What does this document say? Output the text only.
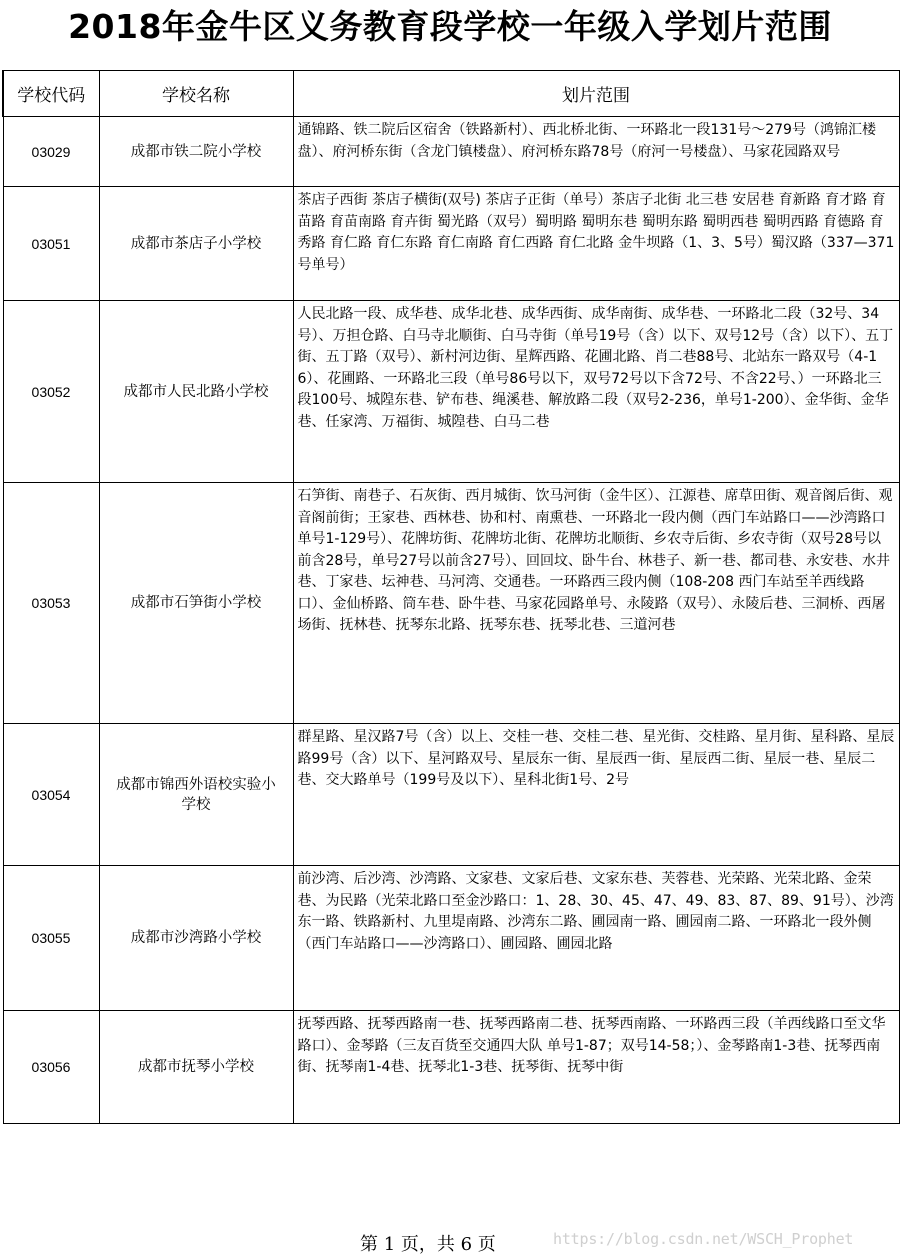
2018年金牛区义务教育段学校一年级入学划片范围
学校代码	学校名称	划片范围
03029	成都市铁二院小学校	通锦路、铁二院后区宿舍（铁路新村）、西北桥北街、一环路北一段131号～279号（鸿锦汇楼盘）、府河桥东街（含龙门镇楼盘）、府河桥东路78号（府河一号楼盘）、马家花园路双号
03051	成都市茶店子小学校	茶店子西街 茶店子横街(双号) 茶店子正街（单号）茶店子北街 北三巷 安居巷 育新路 育才路 育苗路 育苗南路 育卉街 蜀光路（双号）蜀明路 蜀明东巷 蜀明东路 蜀明西巷 蜀明西路 育德路 育秀路 育仁路 育仁东路 育仁南路 育仁西路 育仁北路 金牛坝路（1、3、5号）蜀汉路（337—371号单号）
03052	成都市人民北路小学校	人民北路一段、成华巷、成华北巷、成华西街、成华南街、成华巷、一环路北二段（32号、34号）、万担仓路、白马寺北顺街、白马寺街（单号19号（含）以下、双号12号（含）以下）、五丁街、五丁路（双号）、新村河边街、星辉西路、花圃北路、肖二巷88号、北站东一路双号（4-16）、花圃路、一环路北三段（单号86号以下，双号72号以下含72号、不含22号、）一环路北三段100号、城隍东巷、铲布巷、绳溪巷、解放路二段（双号2-236，单号1-200）、金华街、金华巷、任家湾、万福街、城隍巷、白马二巷
03053	成都市石笋街小学校	石笋街、南巷子、石灰街、西月城街、饮马河街（金牛区）、江源巷、席草田街、观音阁后街、观音阁前街；王家巷、西林巷、协和村、南熏巷、一环路北一段内侧（西门车站路口——沙湾路口 单号1-129号）、花牌坊街、花牌坊北街、花牌坊北顺街、乡农寺后街、乡农寺街（双号28号以前含28号，单号27号以前含27号）、回回坟、卧牛台、林巷子、新一巷、都司巷、永安巷、水井巷、丁家巷、坛神巷、马河湾、交通巷。一环路西三段内侧（108-208 西门车站至羊西线路口）、金仙桥路、筒车巷、卧牛巷、马家花园路单号、永陵路（双号）、永陵后巷、三洞桥、西屠场街、抚林巷、抚琴东北路、抚琴东巷、抚琴北巷、三道河巷
03054	成都市锦西外语校实验小学校	群星路、星汉路7号（含）以上、交桂一巷、交桂二巷、星光街、交桂路、星月街、星科路、星辰路99号（含）以下、星河路双号、星辰东一街、星辰西一街、星辰西二街、星辰一巷、星辰二巷、交大路单号（199号及以下）、星科北街1号、2号
03055	成都市沙湾路小学校	前沙湾、后沙湾、沙湾路、文家巷、文家后巷、文家东巷、芙蓉巷、光荣路、光荣北路、金荣巷、为民路（光荣北路口至金沙路口：1、28、30、45、47、49、83、87、89、91号）、沙湾东一路、铁路新村、九里堤南路、沙湾东二路、圃园南一路、圃园南二路、一环路北一段外侧（西门车站路口——沙湾路口）、圃园路、圃园北路
03056	成都市抚琴小学校	抚琴西路、抚琴西路南一巷、抚琴西路南二巷、抚琴西南路、一环路西三段（羊西线路口至文华路口）、金琴路（三友百货至交通四大队 单号1-87；双号14-58；）、金琴路南1-3巷、抚琴西南街、抚琴南1-4巷、抚琴北1-3巷、抚琴街、抚琴中街
第 1 页，共 6 页	https://blog.csdn.net/WSCH_Prophet
